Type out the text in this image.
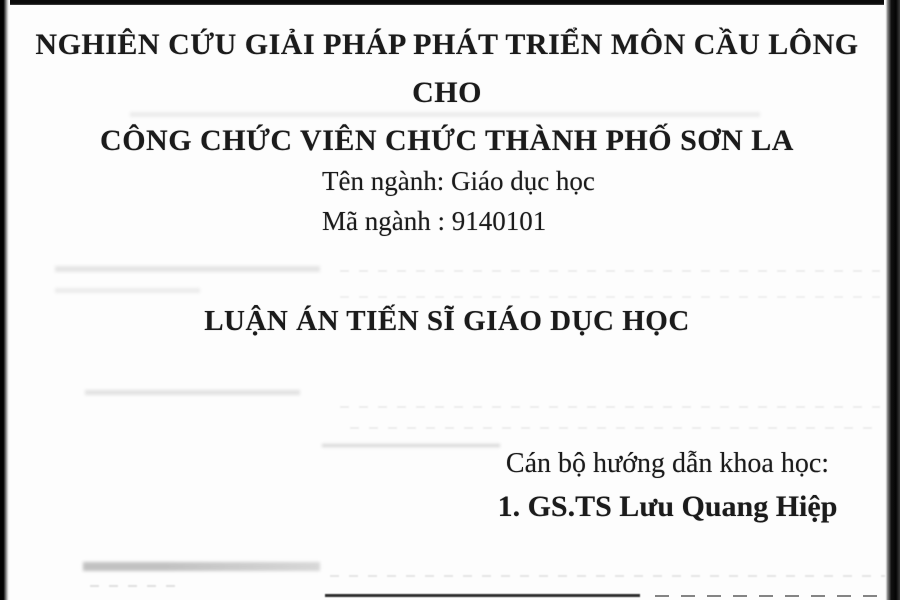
NGHIÊN CỨU GIẢI PHÁP PHÁT TRIỂN MÔN CẦU LÔNG CHO
CÔNG CHỨC VIÊN CHỨC THÀNH PHỐ SƠN LA
Tên ngành: Giáo dục học
Mã ngành : 9140101
LUẬN ÁN TIẾN SĨ GIÁO DỤC HỌC
Cán bộ hướng dẫn khoa học:
1. GS.TS Lưu Quang Hiệp
